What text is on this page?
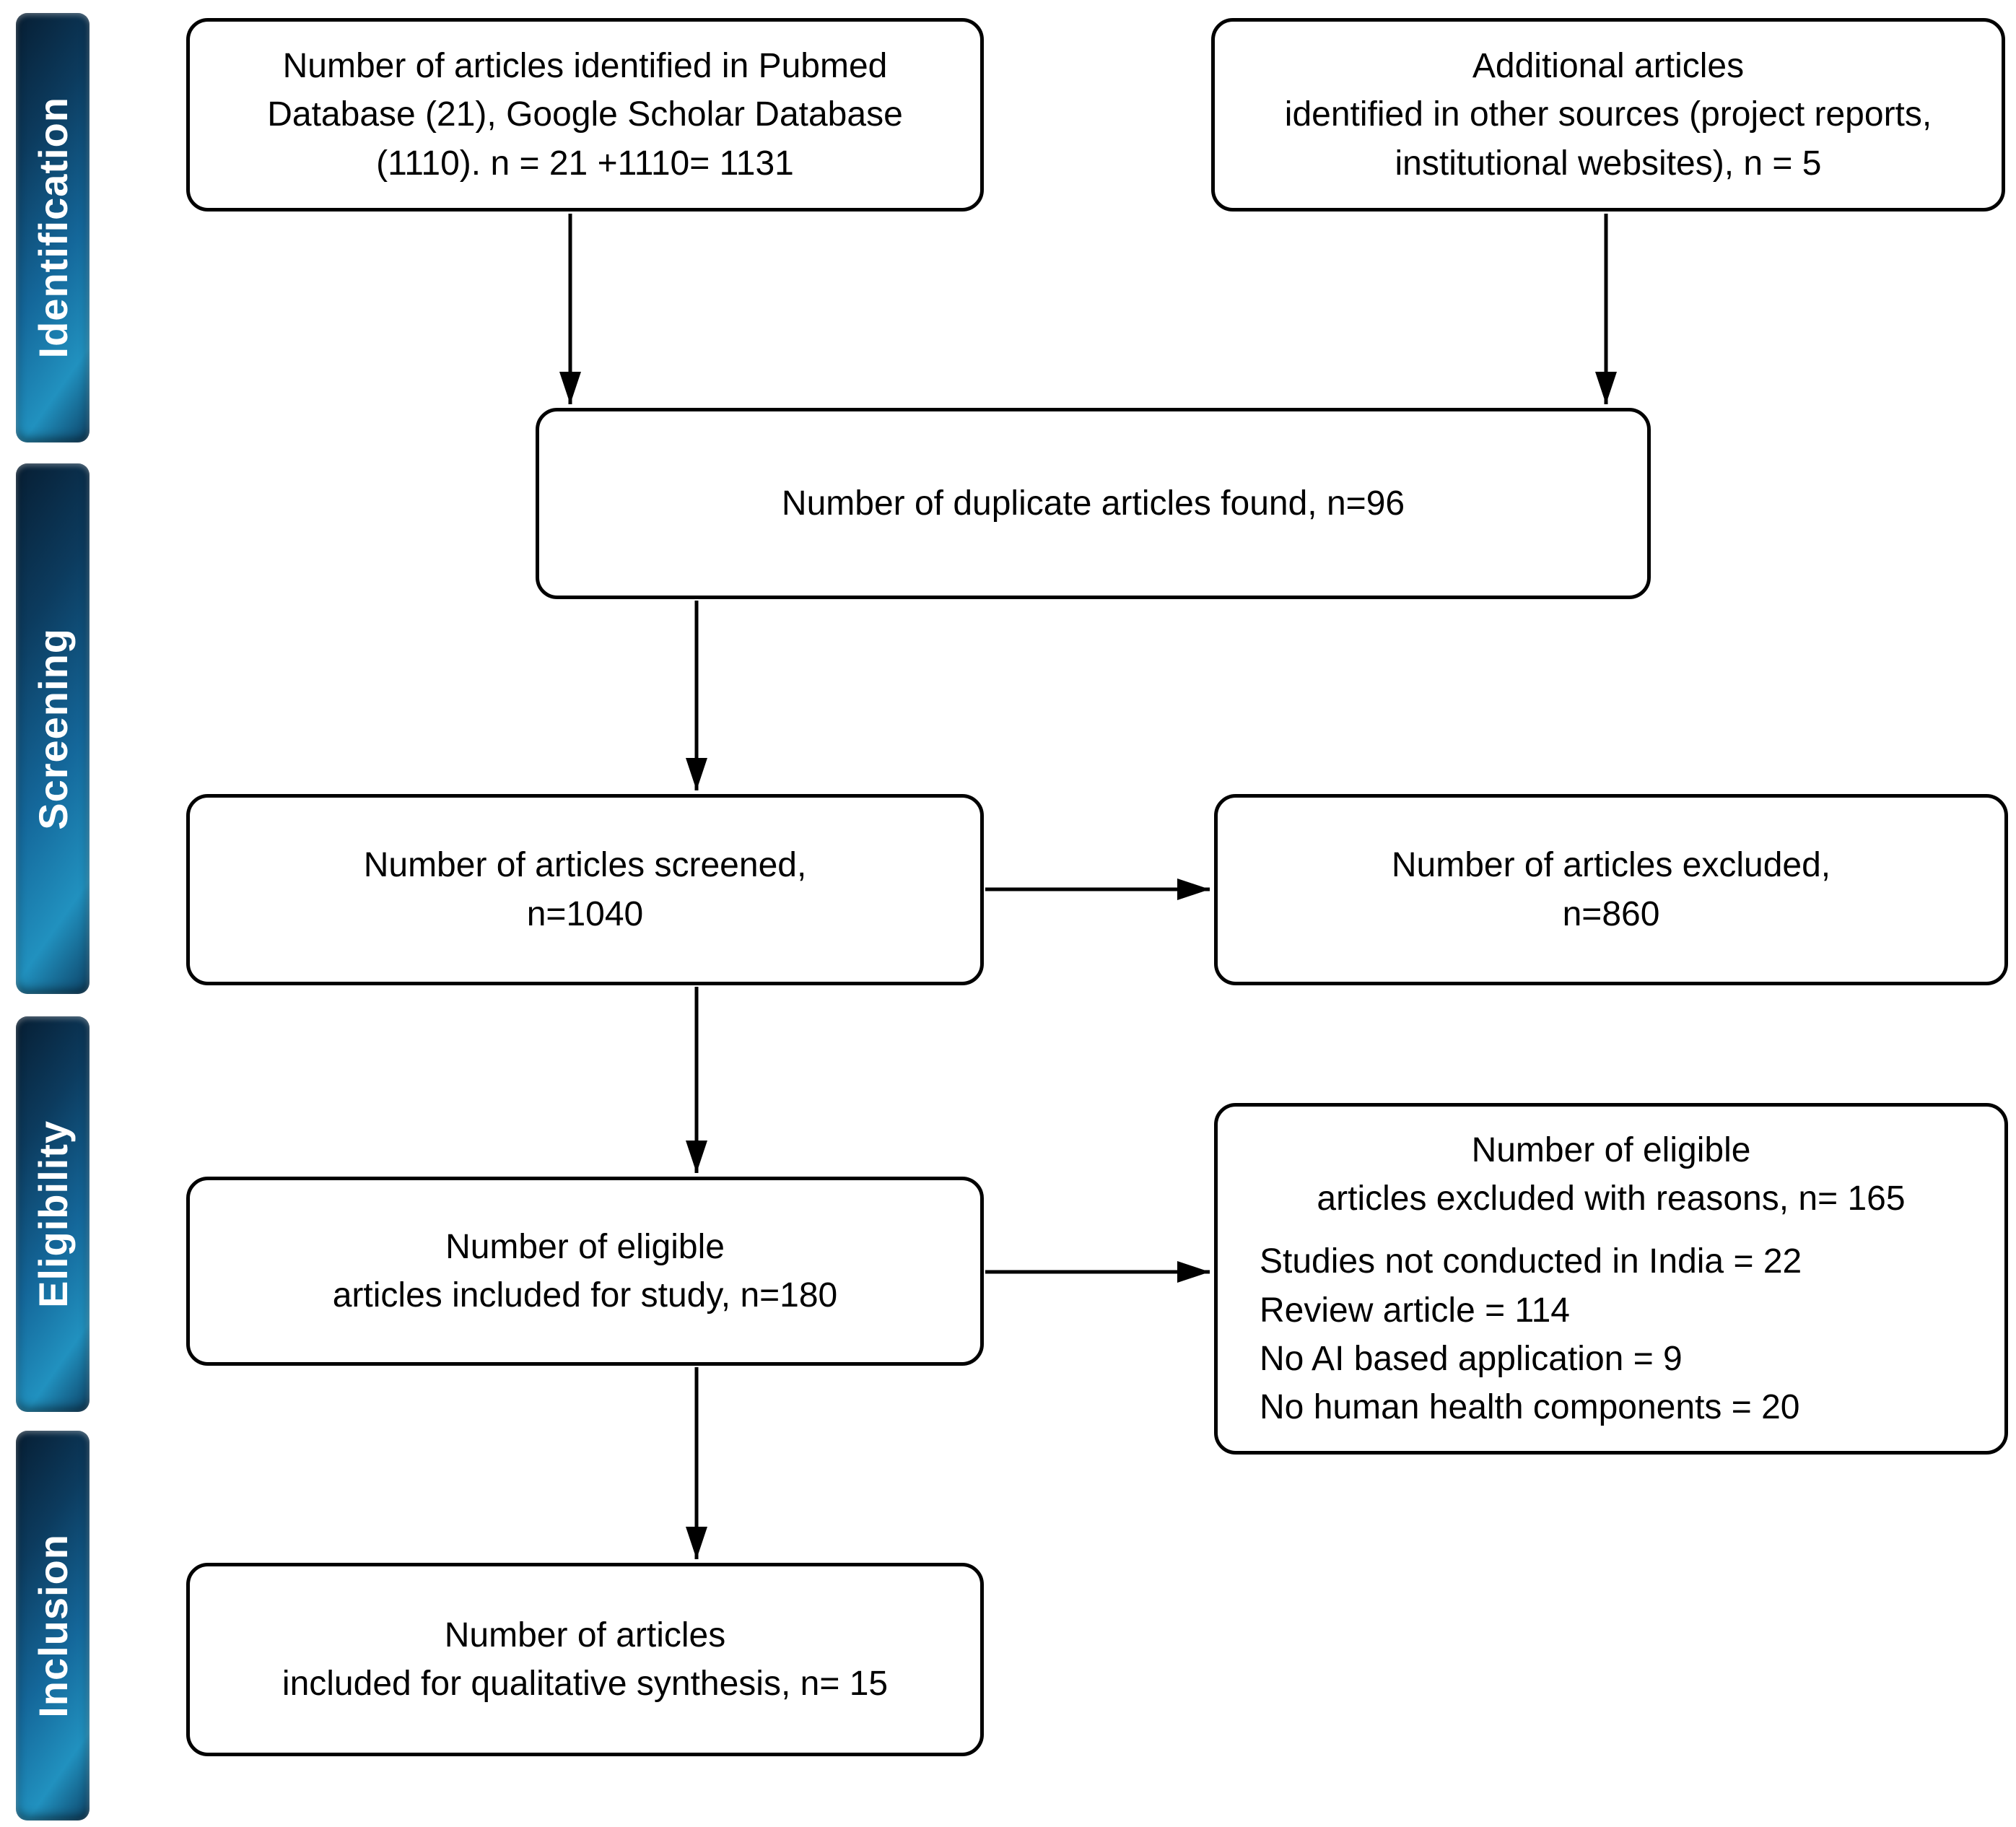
Identification
Screening
Eligibility
Inclusion
Number of articles identified in Pubmed
Database (21), Google Scholar Database
(1110). n = 21 +1110= 1131
Additional articles
identified in other sources (project reports,
institutional websites), n = 5
Number of duplicate articles found, n=96
Number of articles screened,
n=1040
Number of articles excluded,
n=860
Number of eligible
articles included for study, n=180
Number of eligible
articles excluded with reasons, n= 165
Studies not conducted in India = 22
Review article = 114
No AI based application = 9
No human health components = 20
Number of articles
included for qualitative synthesis, n= 15
